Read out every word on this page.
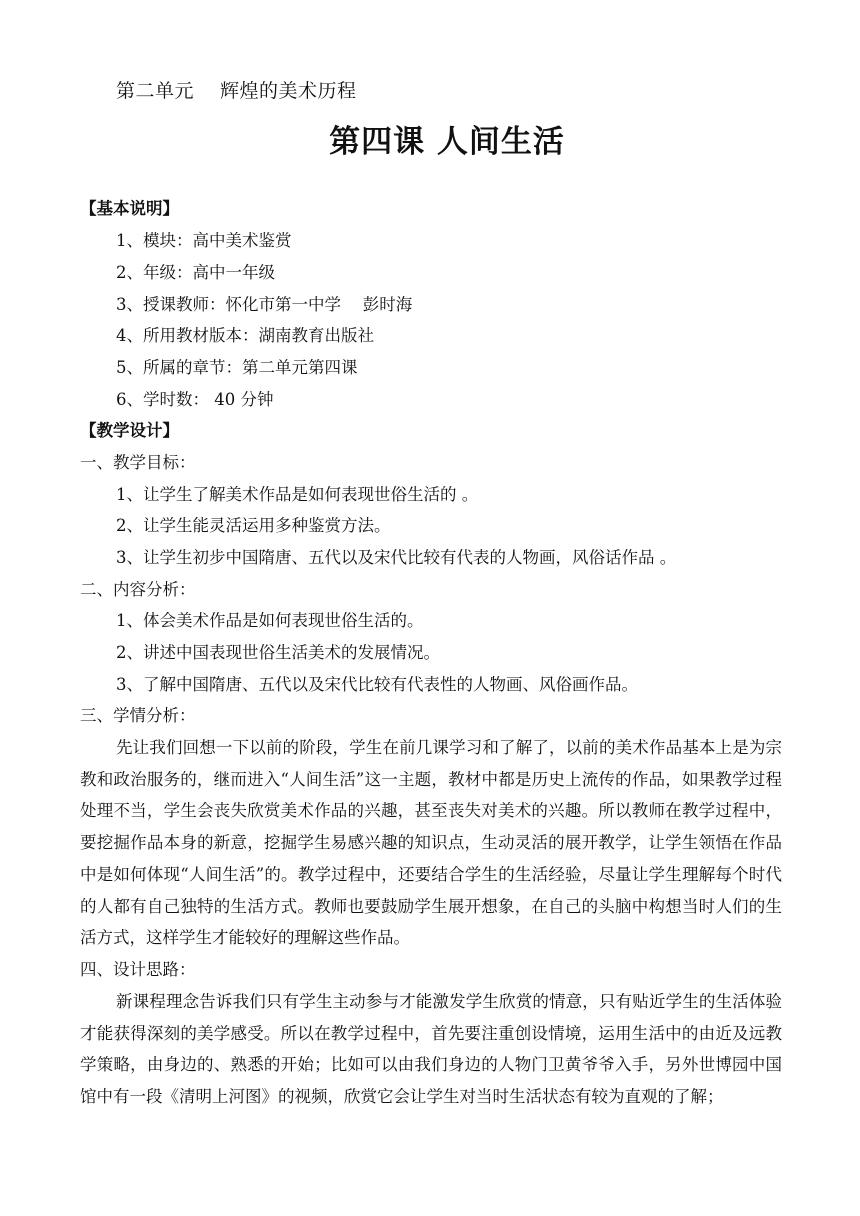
第二单元　 辉煌的美术历程
第四课 人间生活
【基本说明】
1、模块：高中美术鉴赏
2、年级：高中一年级
3、授课教师：怀化市第一中学　 彭时海
4、所用教材版本：湖南教育出版社
5、所属的章节：第二单元第四课
6、学时数： 40 分钟
【教学设计】
一、教学目标：
1、让学生了解美术作品是如何表现世俗生活的 。
2、让学生能灵活运用多种鉴赏方法。
3、让学生初步中国隋唐、五代以及宋代比较有代表的人物画，风俗话作品 。
二、内容分析：
1、体会美术作品是如何表现世俗生活的。
2、讲述中国表现世俗生活美术的发展情况。
3、了解中国隋唐、五代以及宋代比较有代表性的人物画、风俗画作品。
三、学情分析：
先让我们回想一下以前的阶段，学生在前几课学习和了解了，以前的美术作品基本上是为宗教和政治服务的，继而进入“人间生活”这一主题，教材中都是历史上流传的作品，如果教学过程处理不当，学生会丧失欣赏美术作品的兴趣，甚至丧失对美术的兴趣。所以教师在教学过程中，要挖掘作品本身的新意，挖掘学生易感兴趣的知识点，生动灵活的展开教学，让学生领悟在作品中是如何体现“人间生活”的。教学过程中，还要结合学生的生活经验，尽量让学生理解每个时代的人都有自己独特的生活方式。教师也要鼓励学生展开想象，在自己的头脑中构想当时人们的生活方式，这样学生才能较好的理解这些作品。
四、设计思路：
新课程理念告诉我们只有学生主动参与才能激发学生欣赏的情意，只有贴近学生的生活体验才能获得深刻的美学感受。所以在教学过程中，首先要注重创设情境，运用生活中的由近及远教学策略，由身边的、熟悉的开始；比如可以由我们身边的人物门卫黄爷爷入手，另外世博园中国馆中有一段《清明上河图》的视频，欣赏它会让学生对当时生活状态有较为直观的了解；
